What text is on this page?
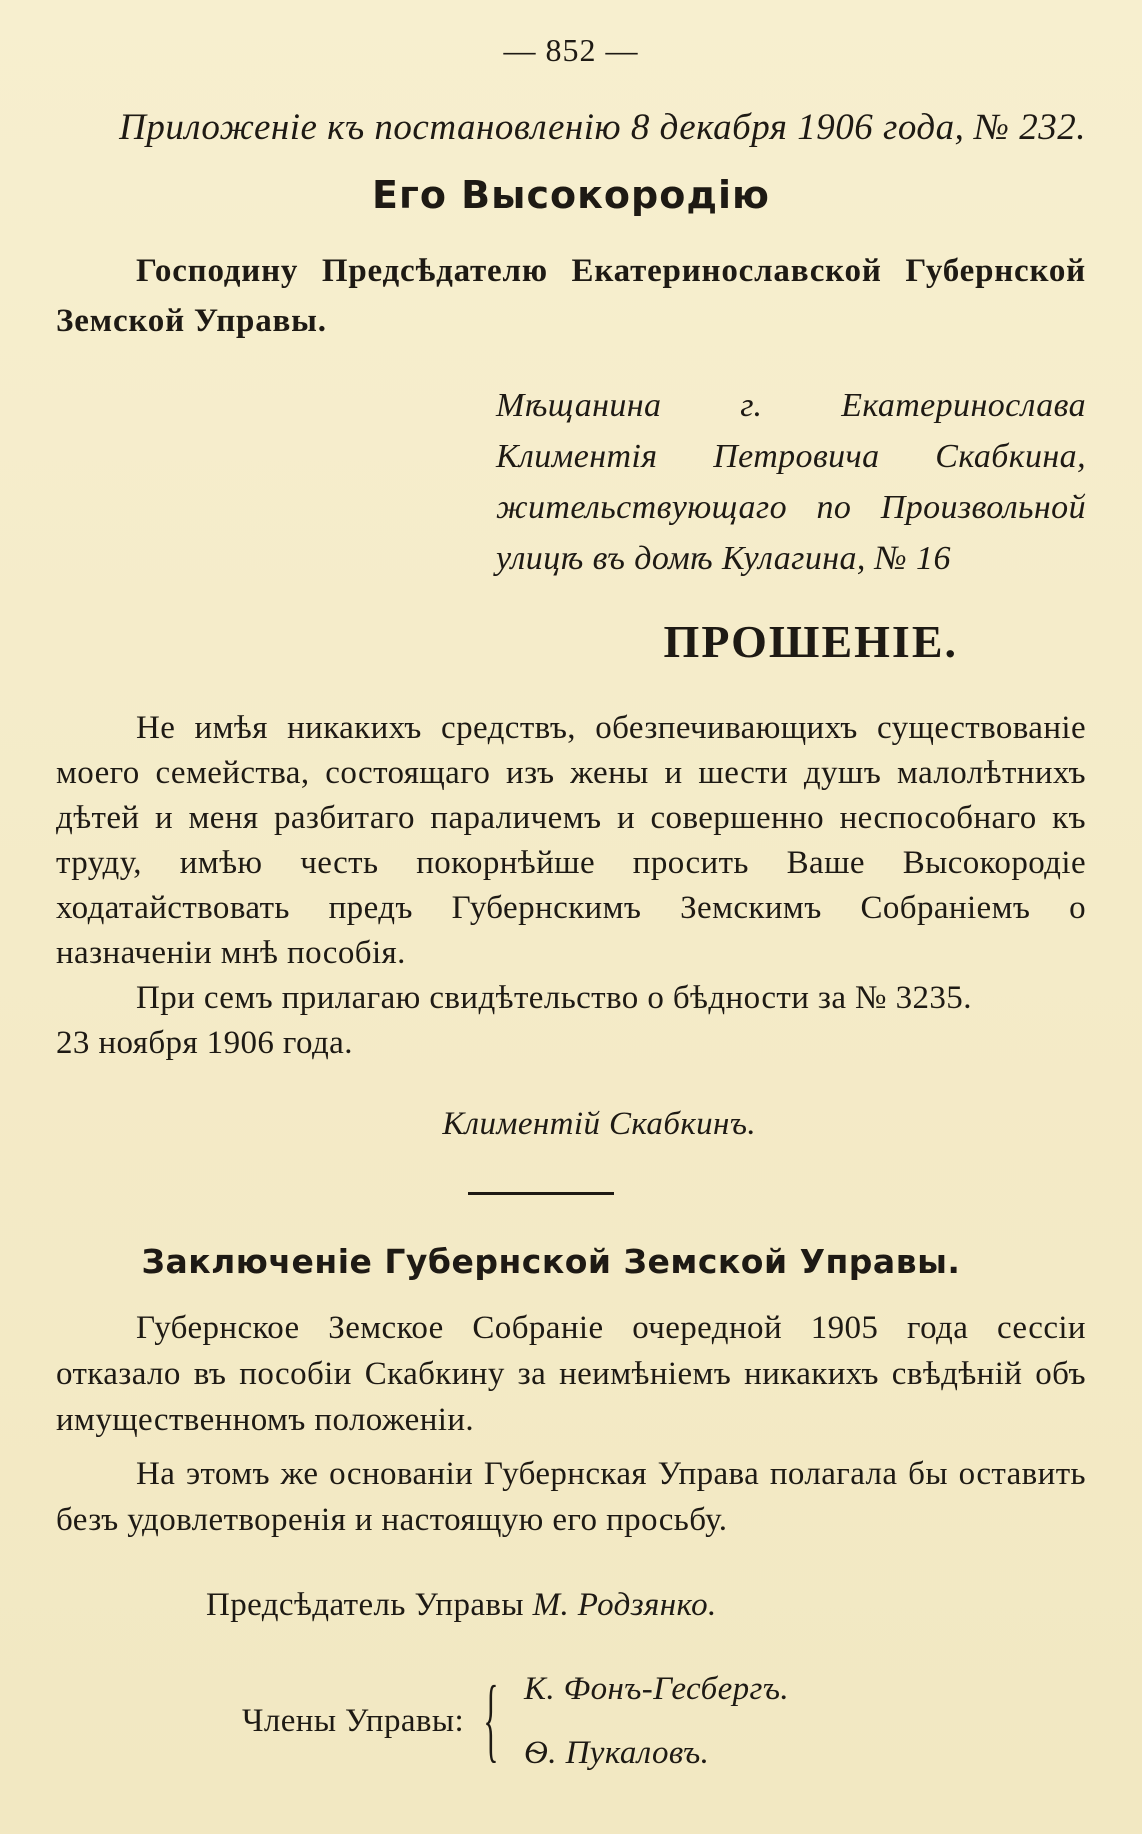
— 852 —
Приложеніе къ постановленію 8 декабря 1906 года, № 232.
Его Высокородію

Господину Предсѣдателю Екатеринославской Губернской Земской Управы.

Мѣщанина г. Екатеринослава Климентія Петровича Скабкина, жительствующаго по Произвольной улицѣ въ домѣ Кулагина, № 16

ПРОШЕНІЕ.

Не имѣя никакихъ средствъ, обезпечивающихъ существованіе моего семейства, состоящаго изъ жены и шести душъ малолѣтнихъ дѣтей и меня разбитаго параличемъ и совершенно неспособнаго къ труду, имѣю честь покорнѣйше просить Ваше Высокородіе ходатайствовать предъ Губернскимъ Земскимъ Собраніемъ о назначеніи мнѣ пособія.

При семъ прилагаю свидѣтельство о бѣдности за № 3235.

23 ноября 1906 года.
Климентій Скабкинъ.
Заключеніе Губернской Земской Управы.

Губернское Земское Собраніе очередной 1905 года сессіи отказало въ пособіи Скабкину за неимѣніемъ никакихъ свѣдѣній объ имущественномъ положеніи.

На этомъ же основаніи Губернская Управа полагала бы оставить безъ удовлетворенія и настоящую его просьбу.

Предсѣдатель Управы М. Родзянко.
Члены Управы: { К. Фонъ-Гесбергъ.
Ѳ. Пукаловъ.
